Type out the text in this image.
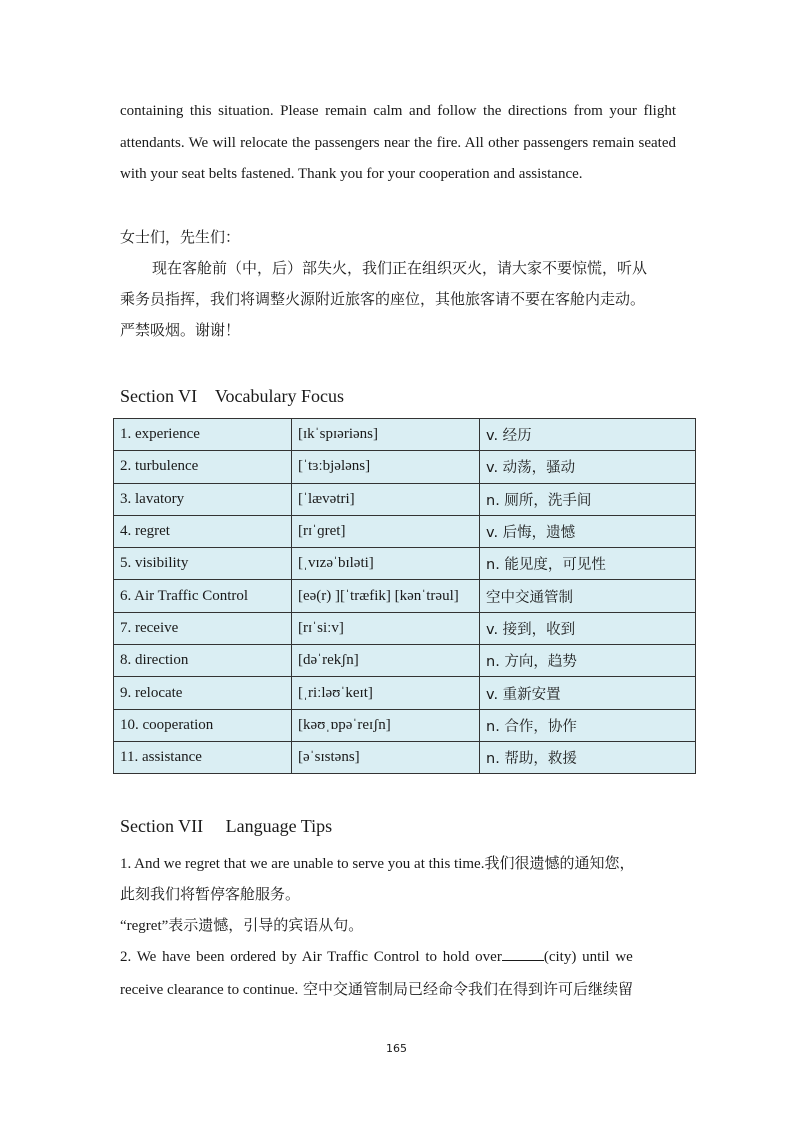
containing this situation. Please remain calm and follow the directions from your flight attendants. We will relocate the passengers near the fire. All other passengers remain seated with your seat belts fastened. Thank you for your cooperation and assistance.
女士们，先生们：
现在客舱前（中，后）部失火，我们正在组织灭火，请大家不要惊慌，听从
乘务员指挥，我们将调整火源附近旅客的座位，其他旅客请不要在客舱内走动。
严禁吸烟。谢谢！
Section VI    Vocabulary Focus
1. experience	[ɪkˈspɪəriəns]	v. 经历
2. turbulence	[ˈtɜːbjələns]	v. 动荡，骚动
3. lavatory	[ˈlævətri]	n. 厕所，洗手间
4. regret	[rɪˈɡret]	v. 后悔，遗憾
5. visibility	[ˌvɪzəˈbɪləti]	n. 能见度，可见性
6. Air Traffic Control	[eə(r) ][ˈtræfik] [kənˈtrəul]	空中交通管制
7. receive	[rɪˈsiːv]	v. 接到，收到
8. direction	[dəˈrekʃn]	n. 方向，趋势
9. relocate	[ˌriːləʊˈkeɪt]	v. 重新安置
10. cooperation	[kəʊˌɒpəˈreɪʃn]	n. 合作，协作
11. assistance	[əˈsɪstəns]	n. 帮助，救援
Section VII     Language Tips
1. And we regret that we are unable to serve you at this time.我们很遗憾的通知您，
此刻我们将暂停客舱服务。
“regret”表示遗憾，引导的宾语从句。
2. We have been ordered by Air Traffic Control to hold over	(city) until we
receive clearance to continue. 空中交通管制局已经命令我们在得到许可后继续留
165
